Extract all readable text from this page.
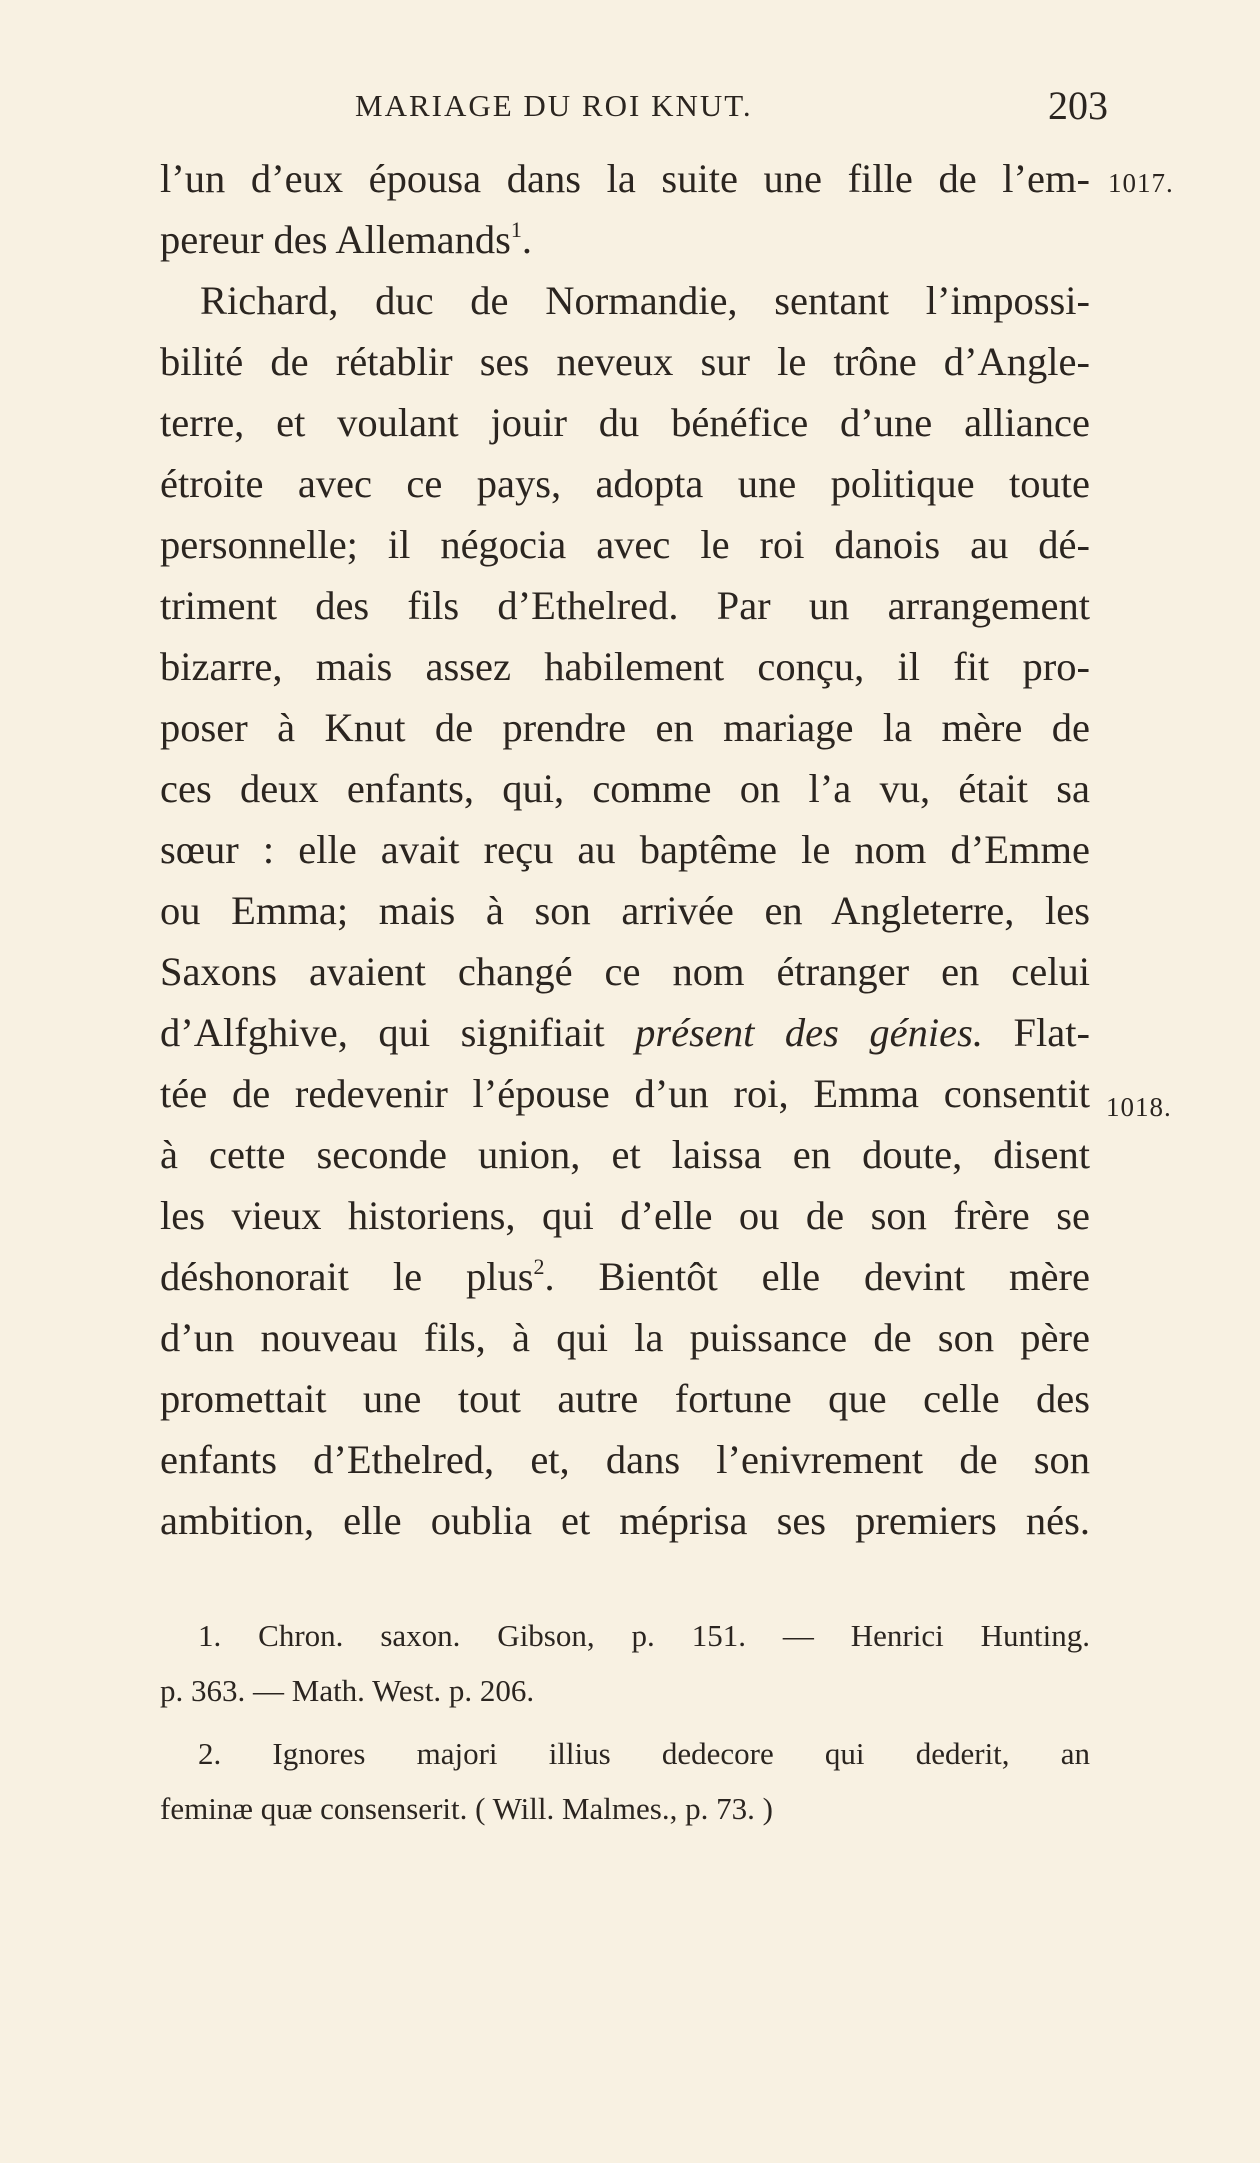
MARIAGE DU ROI KNUT.	203
1017.
1018.
l’un d’eux épousa dans la suite une fille de l’em-
pereur des Allemands$^1$.
Richard, duc de Normandie, sentant l’impossi-
bilité de rétablir ses neveux sur le trône d’Angle-
terre, et voulant jouir du bénéfice d’une alliance
étroite avec ce pays, adopta une politique toute
personnelle; il négocia avec le roi danois au dé-
triment des fils d’Ethelred. Par un arrangement
bizarre, mais assez habilement conçu, il fit pro-
poser à Knut de prendre en mariage la mère de
ces deux enfants, qui, comme on l’a vu, était sa
sœur : elle avait reçu au baptême le nom d’Emme
ou Emma; mais à son arrivée en Angleterre, les
Saxons avaient changé ce nom étranger en celui
d’Alfghive, qui signifiait présent des génies. Flat-
tée de redevenir l’épouse d’un roi, Emma consentit
à cette seconde union, et laissa en doute, disent
les vieux historiens, qui d’elle ou de son frère se
déshonorait le plus$^2$. Bientôt elle devint mère
d’un nouveau fils, à qui la puissance de son père
promettait une tout autre fortune que celle des
enfants d’Ethelred, et, dans l’enivrement de son
ambition, elle oublia et méprisa ses premiers nés.
1. Chron. saxon. Gibson, p. 151. — Henrici Hunting.
p. 363. — Math. West. p. 206.
2. Ignores majori illius dedecore qui dederit, an
feminæ quæ consenserit. ( Will. Malmes., p. 73. )
